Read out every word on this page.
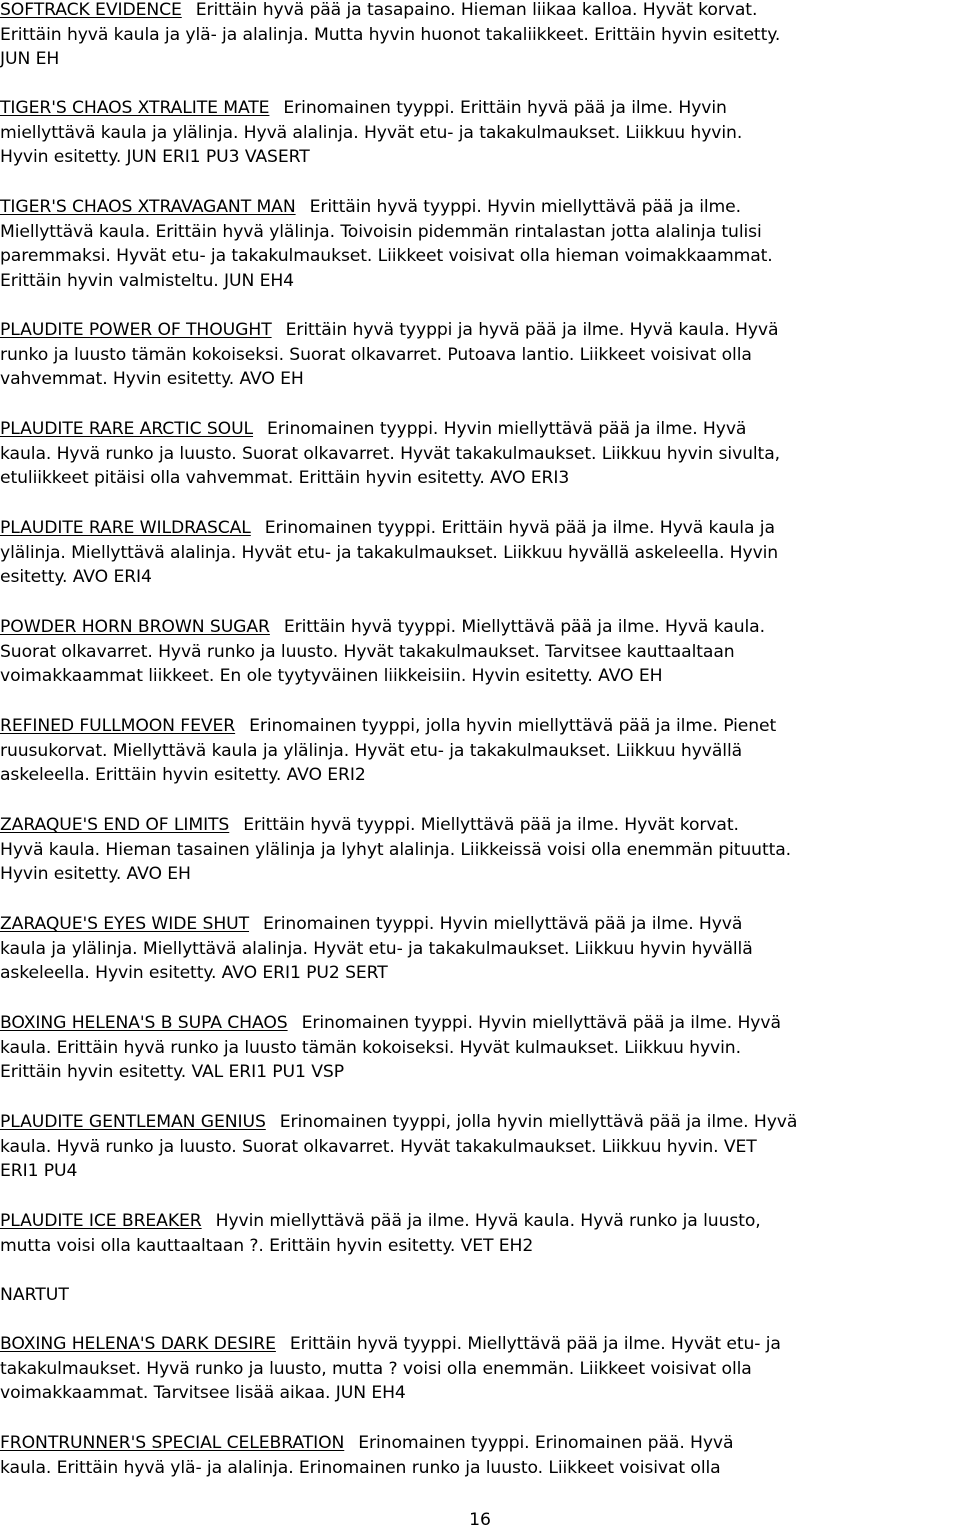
SOFTRACK EVIDENCE Erittäin hyvä pää ja tasapaino. Hieman liikaa kalloa. Hyvät korvat.
Erittäin hyvä kaula ja ylä- ja alalinja. Mutta hyvin huonot takaliikkeet. Erittäin hyvin esitetty.
JUN EH
TIGER'S CHAOS XTRALITE MATE Erinomainen tyyppi. Erittäin hyvä pää ja ilme. Hyvin
miellyttävä kaula ja ylälinja. Hyvä alalinja. Hyvät etu- ja takakulmaukset. Liikkuu hyvin.
Hyvin esitetty. JUN ERI1 PU3 VASERT
TIGER'S CHAOS XTRAVAGANT MAN Erittäin hyvä tyyppi. Hyvin miellyttävä pää ja ilme.
Miellyttävä kaula. Erittäin hyvä ylälinja. Toivoisin pidemmän rintalastan jotta alalinja tulisi
paremmaksi. Hyvät etu- ja takakulmaukset. Liikkeet voisivat olla hieman voimakkaammat.
Erittäin hyvin valmisteltu. JUN EH4
PLAUDITE POWER OF THOUGHT Erittäin hyvä tyyppi ja hyvä pää ja ilme. Hyvä kaula. Hyvä
runko ja luusto tämän kokoiseksi. Suorat olkavarret. Putoava lantio. Liikkeet voisivat olla
vahvemmat. Hyvin esitetty. AVO EH
PLAUDITE RARE ARCTIC SOUL Erinomainen tyyppi. Hyvin miellyttävä pää ja ilme. Hyvä
kaula. Hyvä runko ja luusto. Suorat olkavarret. Hyvät takakulmaukset. Liikkuu hyvin sivulta,
etuliikkeet pitäisi olla vahvemmat. Erittäin hyvin esitetty. AVO ERI3
PLAUDITE RARE WILDRASCAL Erinomainen tyyppi. Erittäin hyvä pää ja ilme. Hyvä kaula ja
ylälinja. Miellyttävä alalinja. Hyvät etu- ja takakulmaukset. Liikkuu hyvällä askeleella. Hyvin
esitetty. AVO ERI4
POWDER HORN BROWN SUGAR Erittäin hyvä tyyppi. Miellyttävä pää ja ilme. Hyvä kaula.
Suorat olkavarret. Hyvä runko ja luusto. Hyvät takakulmaukset. Tarvitsee kauttaaltaan
voimakkaammat liikkeet. En ole tyytyväinen liikkeisiin. Hyvin esitetty. AVO EH
REFINED FULLMOON FEVER Erinomainen tyyppi, jolla hyvin miellyttävä pää ja ilme. Pienet
ruusukorvat. Miellyttävä kaula ja ylälinja. Hyvät etu- ja takakulmaukset. Liikkuu hyvällä
askeleella. Erittäin hyvin esitetty. AVO ERI2
ZARAQUE'S END OF LIMITS Erittäin hyvä tyyppi. Miellyttävä pää ja ilme. Hyvät korvat.
Hyvä kaula. Hieman tasainen ylälinja ja lyhyt alalinja. Liikkeissä voisi olla enemmän pituutta.
Hyvin esitetty. AVO EH
ZARAQUE'S EYES WIDE SHUT Erinomainen tyyppi. Hyvin miellyttävä pää ja ilme. Hyvä
kaula ja ylälinja. Miellyttävä alalinja. Hyvät etu- ja takakulmaukset. Liikkuu hyvin hyvällä
askeleella. Hyvin esitetty. AVO ERI1 PU2 SERT
BOXING HELENA'S B SUPA CHAOS Erinomainen tyyppi. Hyvin miellyttävä pää ja ilme. Hyvä
kaula. Erittäin hyvä runko ja luusto tämän kokoiseksi. Hyvät kulmaukset. Liikkuu hyvin.
Erittäin hyvin esitetty. VAL ERI1 PU1 VSP
PLAUDITE GENTLEMAN GENIUS Erinomainen tyyppi, jolla hyvin miellyttävä pää ja ilme. Hyvä
kaula. Hyvä runko ja luusto. Suorat olkavarret. Hyvät takakulmaukset. Liikkuu hyvin. VET
ERI1 PU4
PLAUDITE ICE BREAKER Hyvin miellyttävä pää ja ilme. Hyvä kaula. Hyvä runko ja luusto,
mutta voisi olla kauttaaltaan ?. Erittäin hyvin esitetty. VET EH2
NARTUT
BOXING HELENA'S DARK DESIRE Erittäin hyvä tyyppi. Miellyttävä pää ja ilme. Hyvät etu- ja
takakulmaukset. Hyvä runko ja luusto, mutta ? voisi olla enemmän. Liikkeet voisivat olla
voimakkaammat. Tarvitsee lisää aikaa. JUN EH4
FRONTRUNNER'S SPECIAL CELEBRATION Erinomainen tyyppi. Erinomainen pää. Hyvä
kaula. Erittäin hyvä ylä- ja alalinja. Erinomainen runko ja luusto. Liikkeet voisivat olla
16
